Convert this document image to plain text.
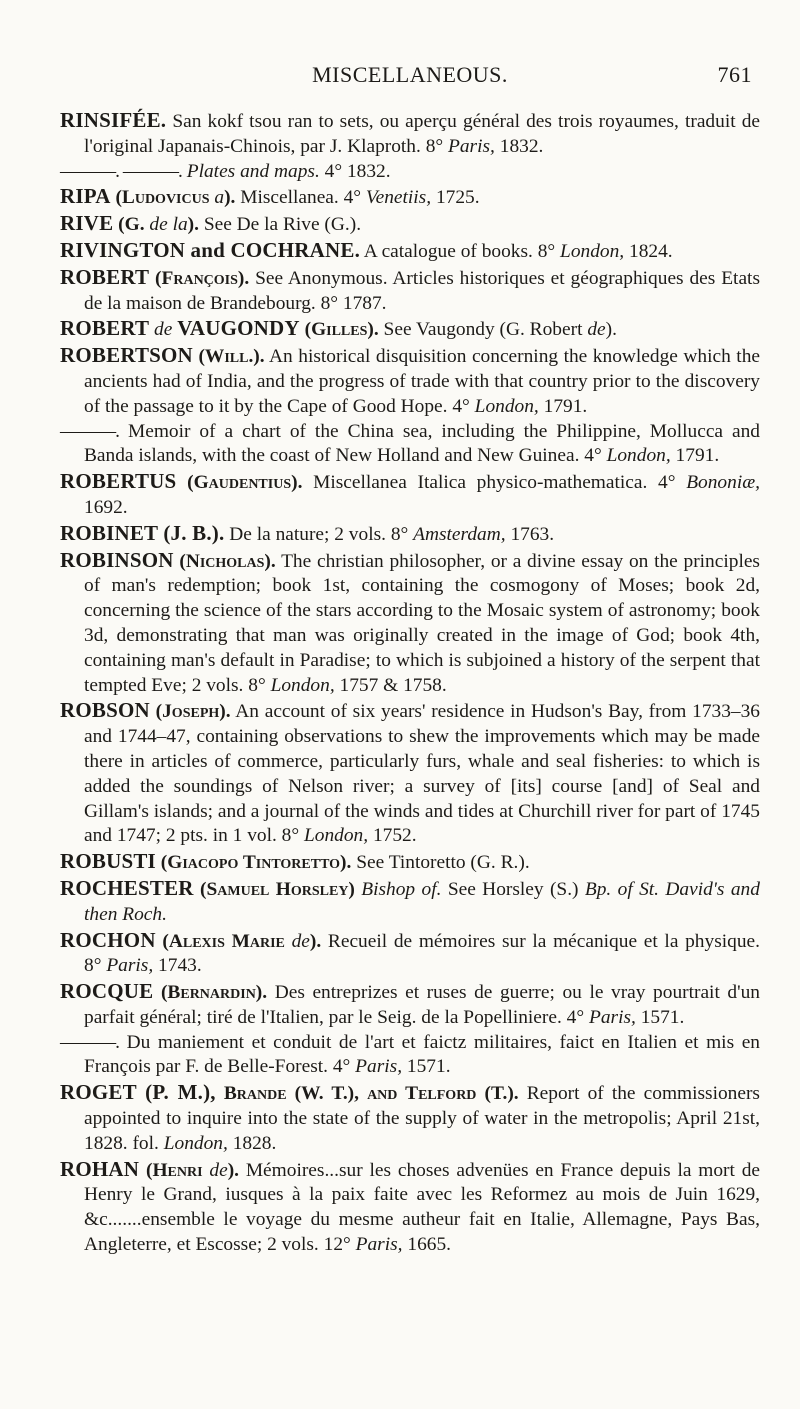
MISCELLANEOUS.	761

RINSIFÉE. San kokf tsou ran to sets, ou aperçu général des trois royaumes, traduit de l'original Japanais-Chinois, par J. Klaproth. 8° Paris, 1832.

———. ———. Plates and maps. 4° 1832.

RIPA (Ludovicus a). Miscellanea. 4° Venetiis, 1725.

RIVE (G. de la). See De la Rive (G.).

RIVINGTON and COCHRANE. A catalogue of books. 8° London, 1824.

ROBERT (François). See Anonymous. Articles historiques et géographiques des Etats de la maison de Brandebourg. 8° 1787.

ROBERT de VAUGONDY (Gilles). See Vaugondy (G. Robert de).

ROBERTSON (Will.). An historical disquisition concerning the knowledge which the ancients had of India, and the progress of trade with that country prior to the discovery of the passage to it by the Cape of Good Hope. 4° London, 1791.

———. Memoir of a chart of the China sea, including the Philippine, Mollucca and Banda islands, with the coast of New Holland and New Guinea. 4° London, 1791.

ROBERTUS (Gaudentius). Miscellanea Italica physico-mathematica. 4° Bononiæ, 1692.

ROBINET (J. B.). De la nature; 2 vols. 8° Amsterdam, 1763.

ROBINSON (Nicholas). The christian philosopher, or a divine essay on the principles of man's redemption; book 1st, containing the cosmogony of Moses; book 2d, concerning the science of the stars according to the Mosaic system of astronomy; book 3d, demonstrating that man was originally created in the image of God; book 4th, containing man's default in Paradise; to which is subjoined a history of the serpent that tempted Eve; 2 vols. 8° London, 1757 & 1758.

ROBSON (Joseph). An account of six years' residence in Hudson's Bay, from 1733–36 and 1744–47, containing observations to shew the improvements which may be made there in articles of commerce, particularly furs, whale and seal fisheries: to which is added the soundings of Nelson river; a survey of [its] course [and] of Seal and Gillam's islands; and a journal of the winds and tides at Churchill river for part of 1745 and 1747; 2 pts. in 1 vol. 8° London, 1752.

ROBUSTI (Giacopo Tintoretto). See Tintoretto (G. R.).

ROCHESTER (Samuel Horsley) Bishop of. See Horsley (S.) Bp. of St. David's and then Roch.

ROCHON (Alexis Marie de). Recueil de mémoires sur la mécanique et la physique. 8° Paris, 1743.

ROCQUE (Bernardin). Des entreprizes et ruses de guerre; ou le vray pourtrait d'un parfait général; tiré de l'Italien, par le Seig. de la Popelliniere. 4° Paris, 1571.

———. Du maniement et conduit de l'art et faictz militaires, faict en Italien et mis en François par F. de Belle-Forest. 4° Paris, 1571.

ROGET (P. M.), Brande (W. T.), and Telford (T.). Report of the commissioners appointed to inquire into the state of the supply of water in the metropolis; April 21st, 1828. fol. London, 1828.

ROHAN (Henri de). Mémoires...sur les choses advenües en France depuis la mort de Henry le Grand, iusques à la paix faite avec les Reformez au mois de Juin 1629, &c.......ensemble le voyage du mesme autheur fait en Italie, Allemagne, Pays Bas, Angleterre, et Escosse; 2 vols. 12° Paris, 1665.
